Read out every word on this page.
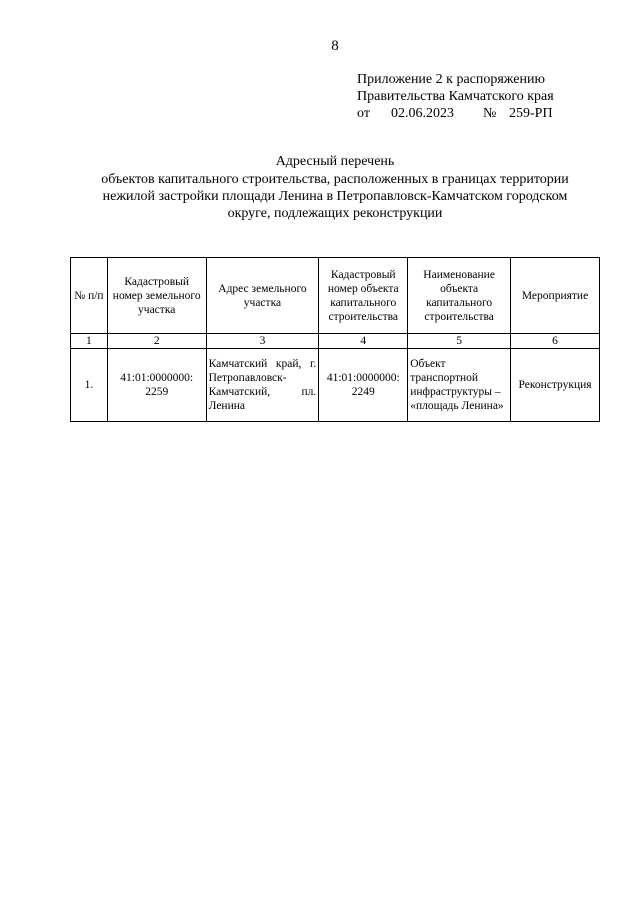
8
Приложение 2 к распоряжению
Правительства Камчатского края
от 02.06.2023 № 259-РП
Адресный перечень
объектов капитального строительства, расположенных в границах территории
нежилой застройки площади Ленина в Петропавловск-Камчатском городском
округе, подлежащих реконструкции
№ п/п	Кадастровый номер земельного участка	Адрес земельного участка	Кадастровый номер объекта капитального строительства	Наименование объекта капитального строительства	Мероприятие
1	2	3	4	5	6
1.	41:01:0000000: 2259	Камчатский край, г. Петропавловск-Камчатский, пл. Ленина	41:01:0000000: 2249	Объект транспортной инфраструктуры – «площадь Ленина»	Реконструкция
